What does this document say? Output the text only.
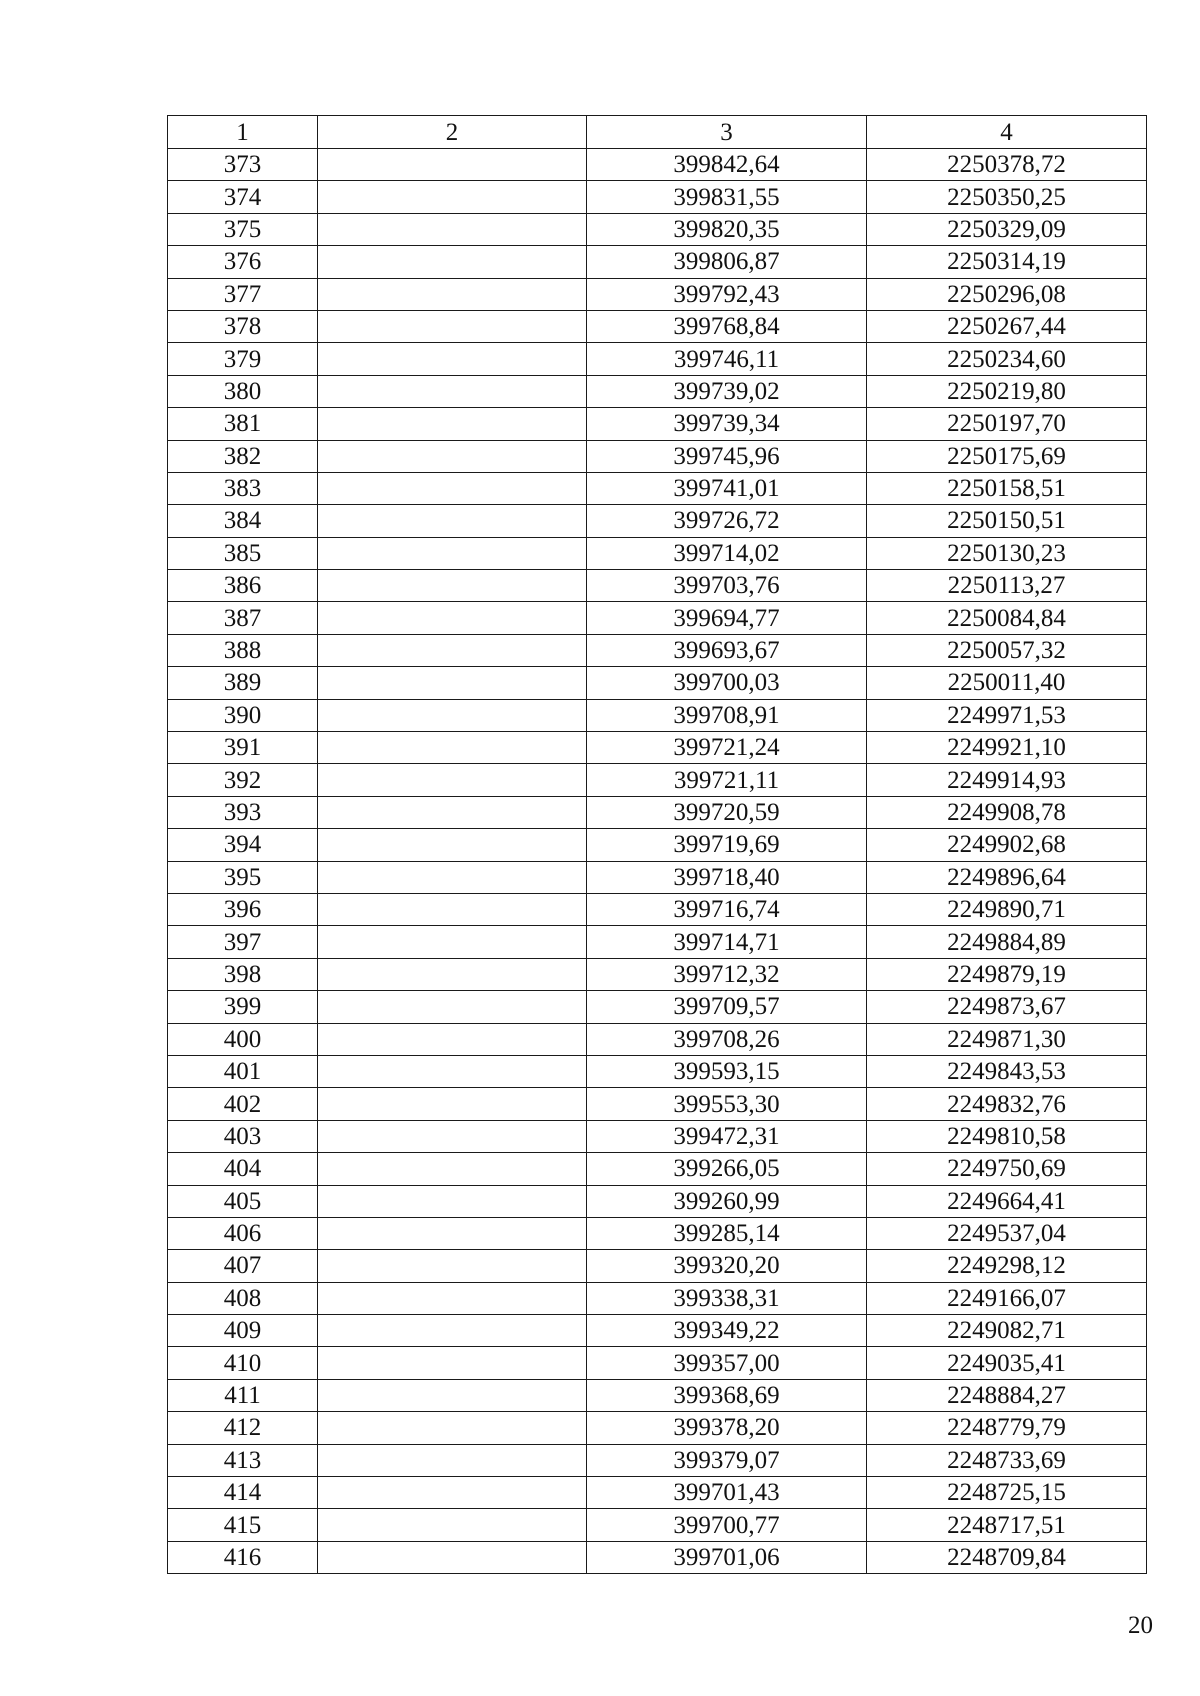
1	2	3	4
373		399842,64	2250378,72
374		399831,55	2250350,25
375		399820,35	2250329,09
376		399806,87	2250314,19
377		399792,43	2250296,08
378		399768,84	2250267,44
379		399746,11	2250234,60
380		399739,02	2250219,80
381		399739,34	2250197,70
382		399745,96	2250175,69
383		399741,01	2250158,51
384		399726,72	2250150,51
385		399714,02	2250130,23
386		399703,76	2250113,27
387		399694,77	2250084,84
388		399693,67	2250057,32
389		399700,03	2250011,40
390		399708,91	2249971,53
391		399721,24	2249921,10
392		399721,11	2249914,93
393		399720,59	2249908,78
394		399719,69	2249902,68
395		399718,40	2249896,64
396		399716,74	2249890,71
397		399714,71	2249884,89
398		399712,32	2249879,19
399		399709,57	2249873,67
400		399708,26	2249871,30
401		399593,15	2249843,53
402		399553,30	2249832,76
403		399472,31	2249810,58
404		399266,05	2249750,69
405		399260,99	2249664,41
406		399285,14	2249537,04
407		399320,20	2249298,12
408		399338,31	2249166,07
409		399349,22	2249082,71
410		399357,00	2249035,41
411		399368,69	2248884,27
412		399378,20	2248779,79
413		399379,07	2248733,69
414		399701,43	2248725,15
415		399700,77	2248717,51
416		399701,06	2248709,84
20
